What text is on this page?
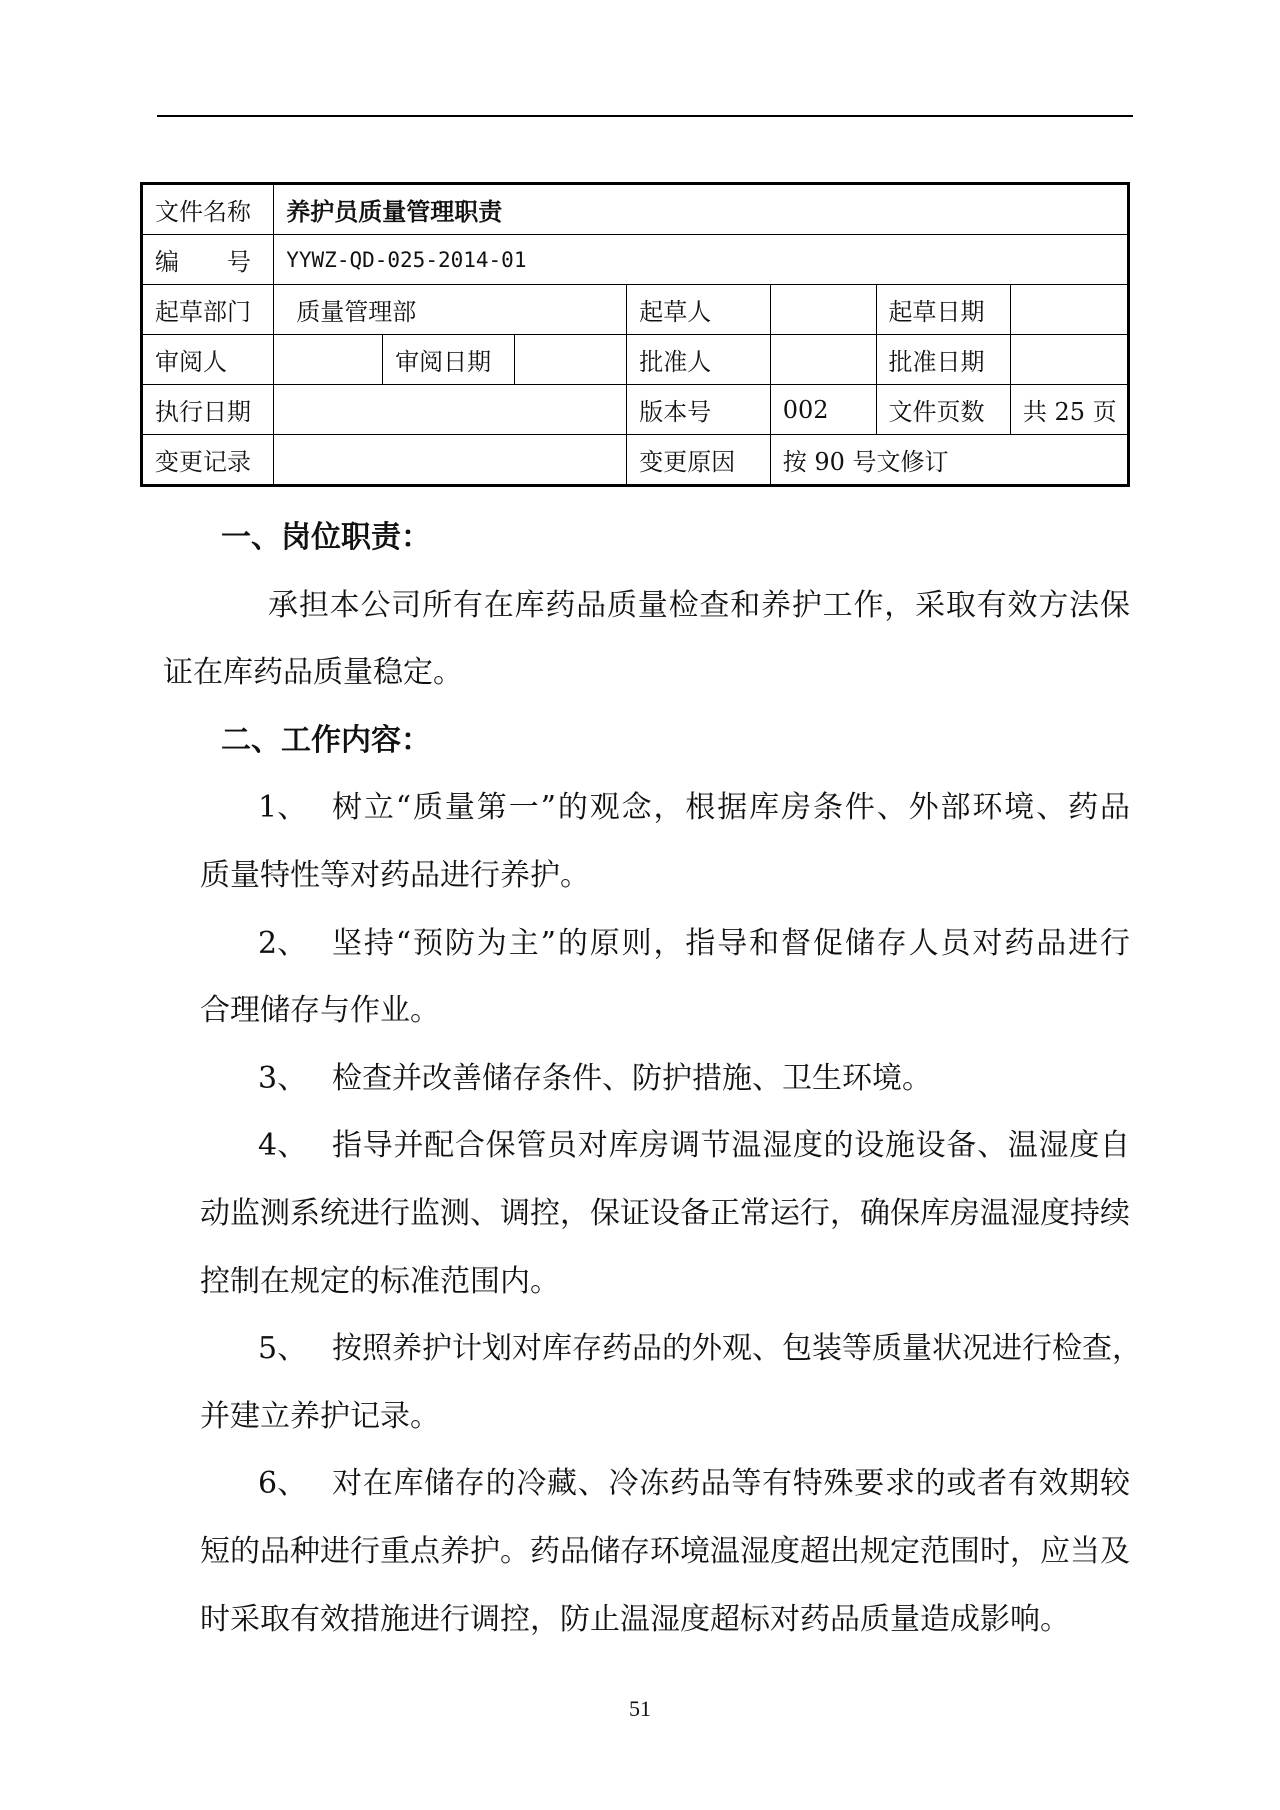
文件名称	养护员质量管理职责						
编　　号	YYWZ-QD-025-2014-01						
起草部门	质量管理部			起草人		起草日期	
审阅人		审阅日期		批准人		批准日期	
执行日期				版本号	002	文件页数	共 25 页
变更记录				变更原因	按 90 号文修订		
一、岗位职责：
承担本公司所有在库药品质量检查和养护工作，采取有效方法保
证在库药品质量稳定。
二、工作内容：
1、 树立“质量第一”的观念，根据库房条件、外部环境、药品
质量特性等对药品进行养护。
2、 坚持“预防为主”的原则，指导和督促储存人员对药品进行
合理储存与作业。
3、 检查并改善储存条件、防护措施、卫生环境。
4、 指导并配合保管员对库房调节温湿度的设施设备、温湿度自
动监测系统进行监测、调控，保证设备正常运行，确保库房温湿度持续
控制在规定的标准范围内。
5、 按照养护计划对库存药品的外观、包装等质量状况进行检查，
并建立养护记录。
6、 对在库储存的冷藏、冷冻药品等有特殊要求的或者有效期较
短的品种进行重点养护。药品储存环境温湿度超出规定范围时，应当及
时采取有效措施进行调控，防止温湿度超标对药品质量造成影响。
51
